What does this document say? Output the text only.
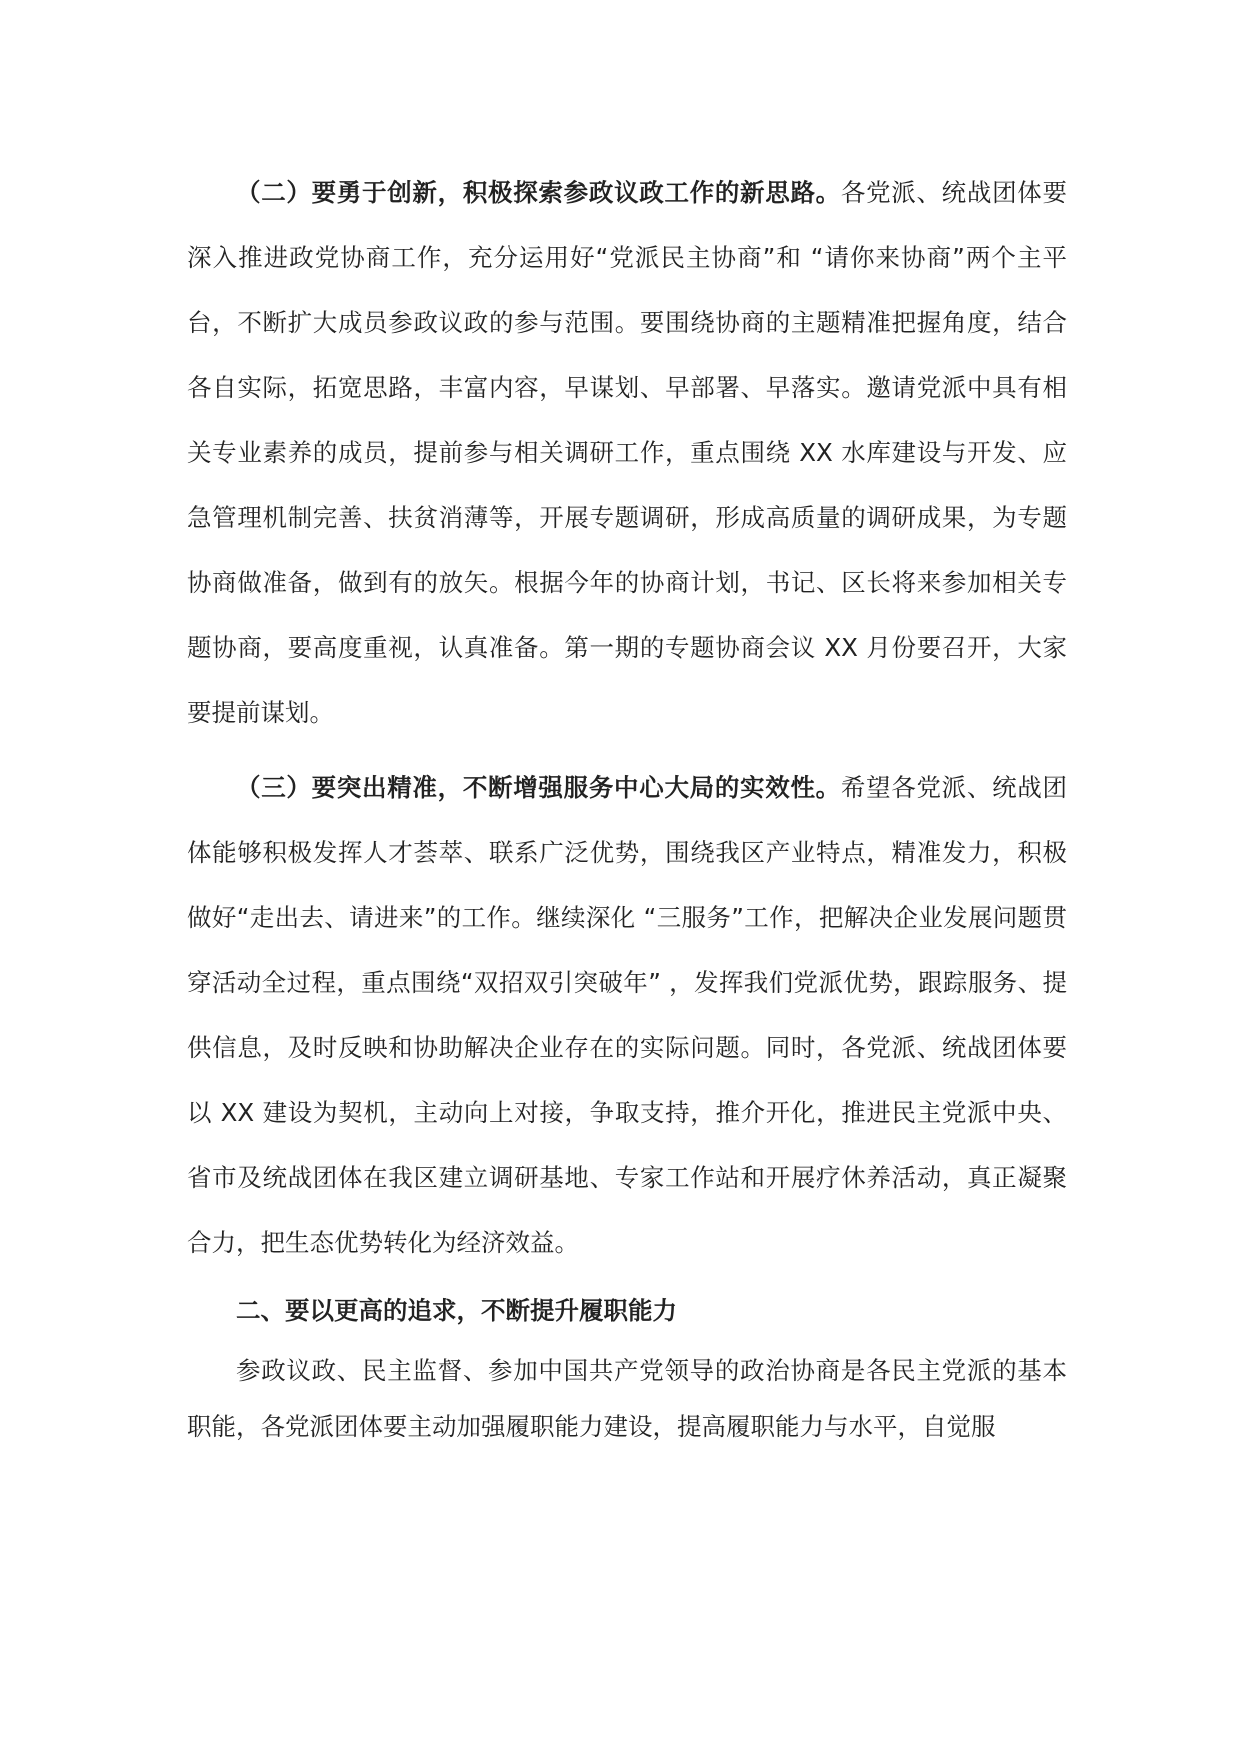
（二）要勇于创新，积极探索参政议政工作的新思路。各党派、统战团体要深入推进政党协商工作，充分运用好“党派民主协商”和 “请你来协商”两个主平台，不断扩大成员参政议政的参与范围。要围绕协商的主题精准把握角度，结合各自实际，拓宽思路，丰富内容，早谋划、早部署、早落实。邀请党派中具有相关专业素养的成员，提前参与相关调研工作，重点围绕 XX 水库建设与开发、应急管理机制完善、扶贫消薄等，开展专题调研，形成高质量的调研成果，为专题协商做准备，做到有的放矢。根据今年的协商计划，书记、区长将来参加相关专题协商，要高度重视，认真准备。第一期的专题协商会议 XX 月份要召开，大家要提前谋划。

（三）要突出精准，不断增强服务中心大局的实效性。希望各党派、统战团体能够积极发挥人才荟萃、联系广泛优势，围绕我区产业特点，精准发力，积极做好“走出去、请进来”的工作。继续深化 “三服务”工作，把解决企业发展问题贯穿活动全过程，重点围绕“双招双引突破年” ，发挥我们党派优势，跟踪服务、提供信息，及时反映和协助解决企业存在的实际问题。同时，各党派、统战团体要以 XX 建设为契机，主动向上对接，争取支持，推介开化，推进民主党派中央、省市及统战团体在我区建立调研基地、专家工作站和开展疗休养活动，真正凝聚合力，把生态优势转化为经济效益。

二、要以更高的追求，不断提升履职能力

参政议政、民主监督、参加中国共产党领导的政治协商是各民主党派的基本职能，各党派团体要主动加强履职能力建设，提高履职能力与水平，自觉服
